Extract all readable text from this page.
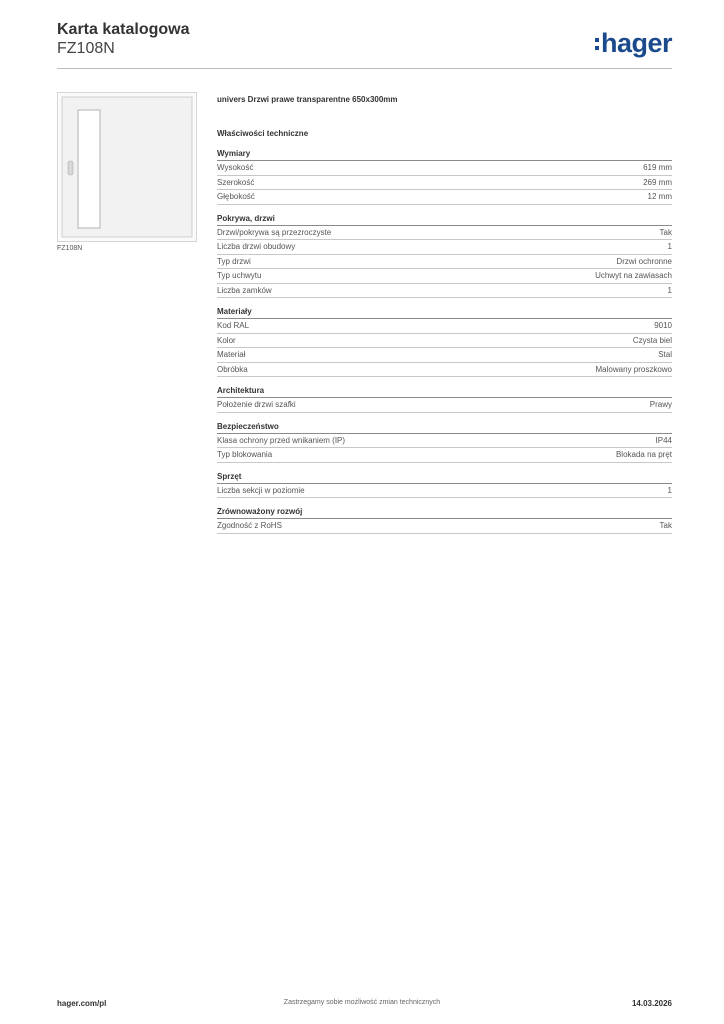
Karta katalogowa
FZ108N	hager
FZ108N
univers Drzwi prawe transparentne 650x300mm
Właściwości techniczne
Wymiary
Wysokość	619 mm
Szerokość	269 mm
Głębokość	12 mm
Pokrywa, drzwi
Drzwi/pokrywa są przezroczyste	Tak
Liczba drzwi obudowy	1
Typ drzwi	Drzwi ochronne
Typ uchwytu	Uchwyt na zawiasach
Liczba zamków	1
Materiały
Kod RAL	9010
Kolor	Czysta biel
Materiał	Stal
Obróbka	Malowany proszkowo
Architektura
Położenie drzwi szafki	Prawy
Bezpieczeństwo
Klasa ochrony przed wnikaniem (IP)	IP44
Typ blokowania	Blokada na pręt
Sprzęt
Liczba sekcji w poziomie	1
Zrównoważony rozwój
Zgodność z RoHS	Tak
hager.com/pl	Zastrzegamy sobie możliwość zmian technicznych	14.03.2026
